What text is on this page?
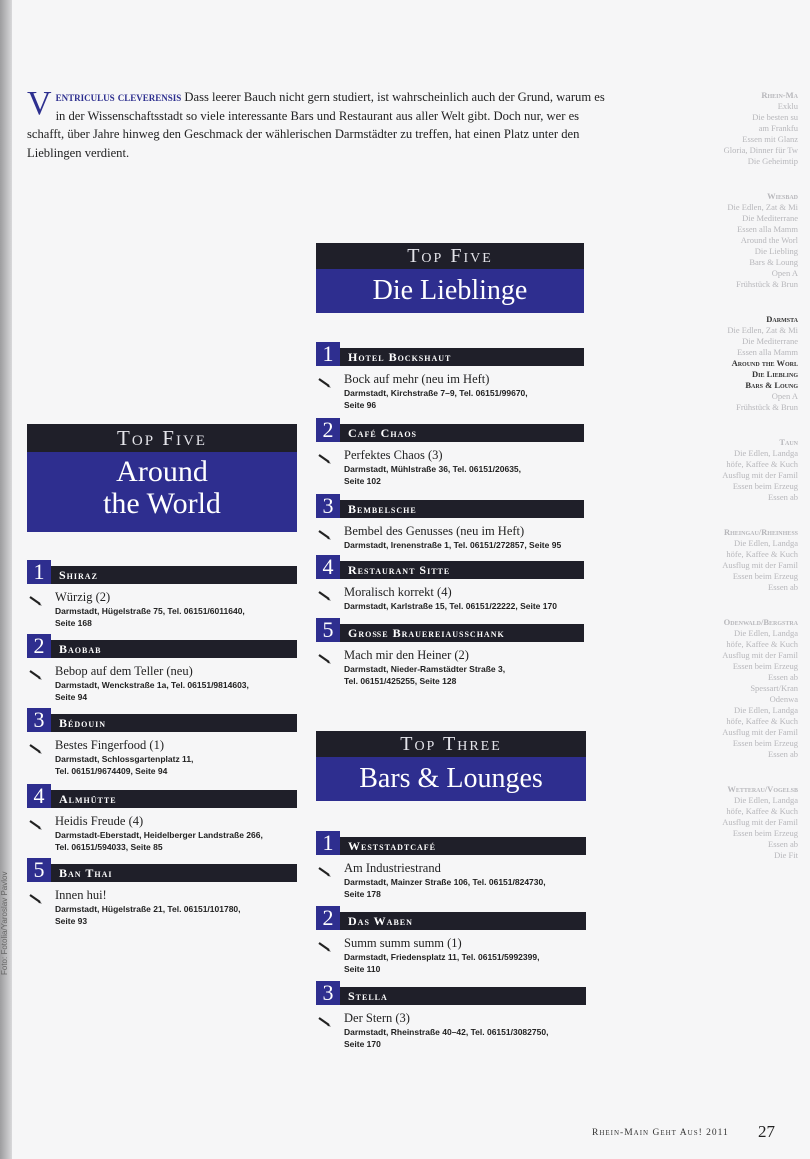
Ventriculus cleverensis Dass leerer Bauch nicht gern studiert, ist wahrscheinlich auch der Grund, warum es in der Wissenschaftsstadt so viele interessante Bars und Restaurant aus aller Welt gibt. Doch nur, wer es schafft, über Jahre hinweg den Geschmack der wählerischen Darmstädter zu treffen, hat einen Platz unter den Lieblingen verdient.
Top Five
Around
the World
Top Five
Die Lieblinge
Top Three
Bars & Lounges
1	Shiraz
Würzig (2)
Darmstadt, Hügelstraße 75, Tel. 06151/6011640,
Seite 168
2	Baobab
Bebop auf dem Teller (neu)
Darmstadt, Wenckstraße 1a, Tel. 06151/9814603,
Seite 94
3	Bédouin
Bestes Fingerfood (1)
Darmstadt, Schlossgartenplatz 11,
Tel. 06151/9674409, Seite 94
4	Almhütte
Heidis Freude (4)
Darmstadt-Eberstadt, Heidelberger Landstraße 266,
Tel. 06151/594033, Seite 85
5	Ban Thai
Innen hui!
Darmstadt, Hügelstraße 21, Tel. 06151/101780,
Seite 93
1	Hotel Bockshaut
Bock auf mehr (neu im Heft)
Darmstadt, Kirchstraße 7–9, Tel. 06151/99670,
Seite 96
2	Café Chaos
Perfektes Chaos (3)
Darmstadt, Mühlstraße 36, Tel. 06151/20635,
Seite 102
3	Bembelsche
Bembel des Genusses (neu im Heft)
Darmstadt, Irenenstraße 1, Tel. 06151/272857, Seite 95
4	Restaurant Sitte
Moralisch korrekt (4)
Darmstadt, Karlstraße 15, Tel. 06151/22222, Seite 170
5	Große Brauereiausschank
Mach mir den Heiner (2)
Darmstadt, Nieder-Ramstädter Straße 3,
Tel. 06151/425255, Seite 128
1	Weststadtcafé
Am Industriestrand
Darmstadt, Mainzer Straße 106, Tel. 06151/824730,
Seite 178
2	Das Waben
Summ summ summ (1)
Darmstadt, Friedensplatz 11, Tel. 06151/5992399,
Seite 110
3	Stella
Der Stern (3)
Darmstadt, Rheinstraße 40–42, Tel. 06151/3082750,
Seite 170
Rhein-Ma
Exklu
Die besten su
am Frankfu
Essen mit Glanz
Gloria, Dinner für Tw
Die Geheimtip
Wiesbad
Die Edlen, Zat & Mi
Die Mediterrane
Essen alla Mamm
Around the Worl
Die Liebling
Bars & Loung
Open A
Frühstück & Brun
Darmsta
Die Edlen, Zat & Mi
Die Mediterrane
Essen alla Mamm
Around the Worl
Die Liebling
Bars & Loung
Open A
Frühstück & Brun
Taun
Die Edlen, Landga
höfe, Kaffee & Kuch
Ausflug mit der Famil
Essen beim Erzeug
Essen ab
Rheingau/Rheinhess
Die Edlen, Landga
höfe, Kaffee & Kuch
Ausflug mit der Famil
Essen beim Erzeug
Essen ab
Odenwald/Bergstra
Die Edlen, Landga
höfe, Kaffee & Kuch
Ausflug mit der Famil
Essen beim Erzeug
Essen ab
Spessart/Kran
Odenwa
Die Edlen, Landga
höfe, Kaffee & Kuch
Ausflug mit der Famil
Essen beim Erzeug
Essen ab
Wetterau/Vogelsb
Die Edlen, Landga
höfe, Kaffee & Kuch
Ausflug mit der Famil
Essen beim Erzeug
Essen ab
Die Fit
Foto: Fotolia/Yaroslav Pavlov
Rhein-Main Geht Aus! 2011 27
